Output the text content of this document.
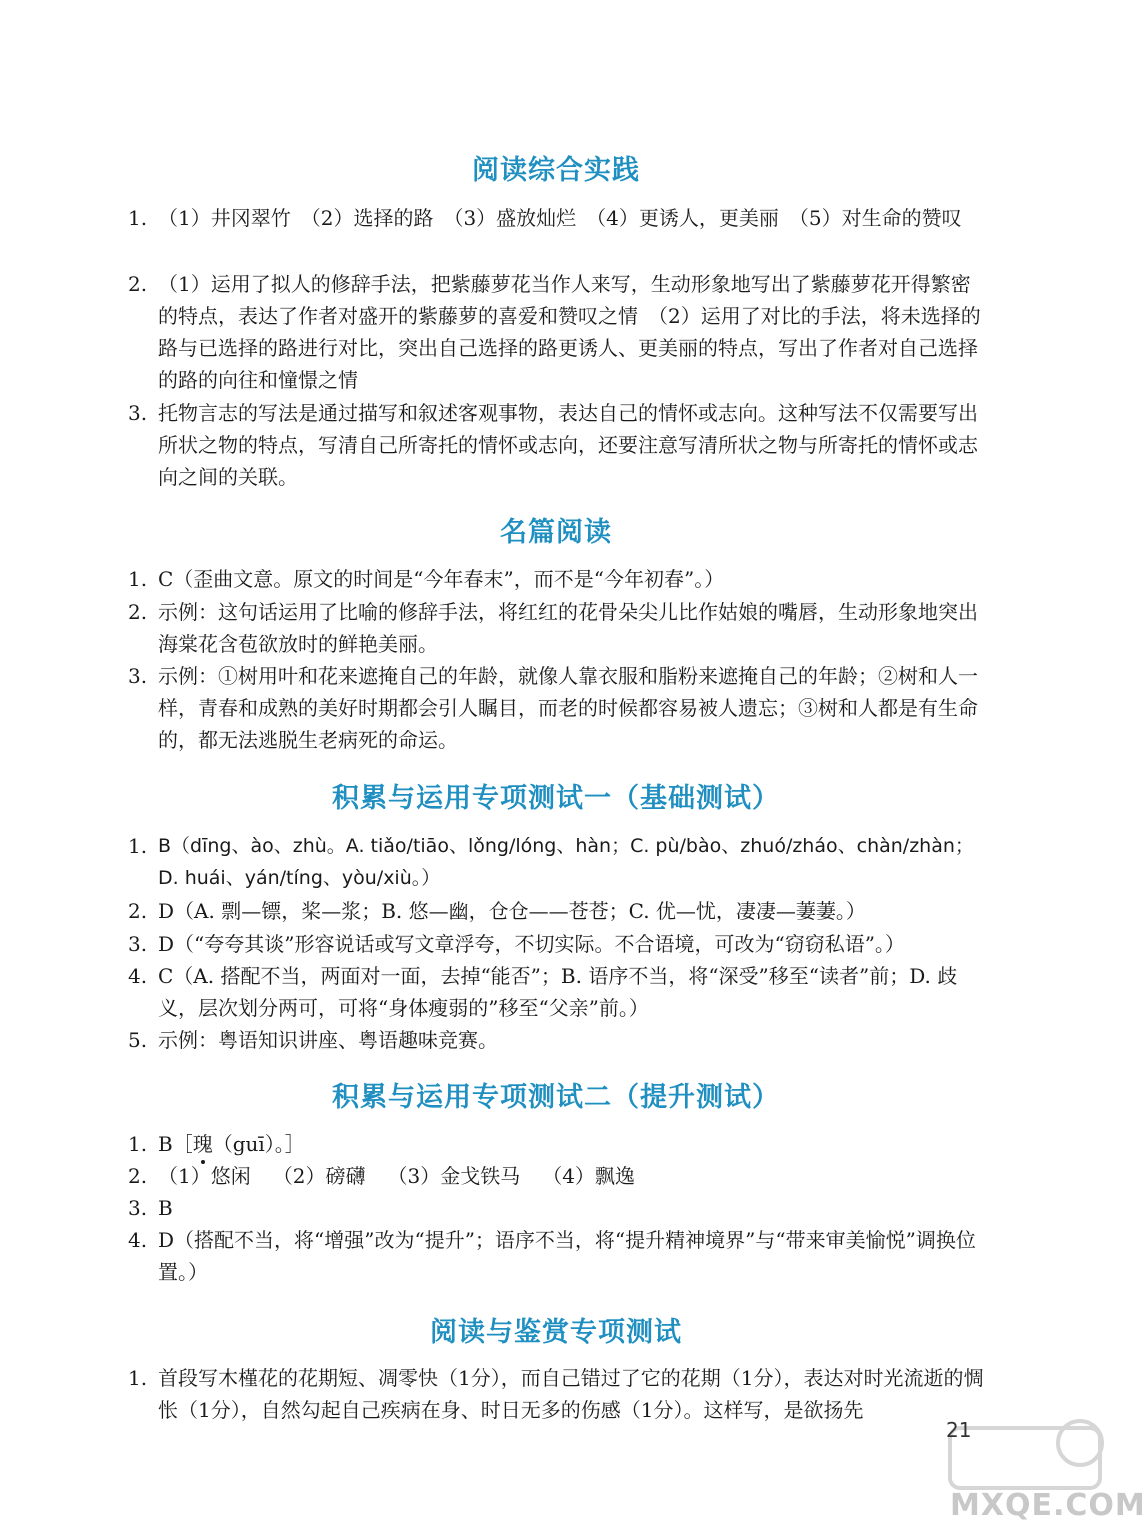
阅读综合实践
1. （1）井冈翠竹　（2）选择的路　（3）盛放灿烂　（4）更诱人，更美丽　（5）对生命的赞叹
2. （1）运用了拟人的修辞手法，把紫藤萝花当作人来写，生动形象地写出了紫藤萝花开得繁密的特点，表达了作者对盛开的紫藤萝的喜爱和赞叹之情　（2）运用了对比的手法，将未选择的路与已选择的路进行对比，突出自己选择的路更诱人、更美丽的特点，写出了作者对自己选择的路的向往和憧憬之情
3. 托物言志的写法是通过描写和叙述客观事物，表达自己的情怀或志向。这种写法不仅需要写出所状之物的特点，写清自己所寄托的情怀或志向，还要注意写清所状之物与所寄托的情怀或志向之间的关联。
名篇阅读
1. C（歪曲文意。原文的时间是“今年春末”，而不是“今年初春”。）
2. 示例：这句话运用了比喻的修辞手法，将红红的花骨朵尖儿比作姑娘的嘴唇，生动形象地突出海棠花含苞欲放时的鲜艳美丽。
3. 示例：①树用叶和花来遮掩自己的年龄，就像人靠衣服和脂粉来遮掩自己的年龄；②树和人一样，青春和成熟的美好时期都会引人瞩目，而老的时候都容易被人遗忘；③树和人都是有生命的，都无法逃脱生老病死的命运。
积累与运用专项测试一（基础测试）
1. B（dīng、ào、zhù。A. tiǎo/tiāo、lǒng/lóng、hàn；C. pù/bào、zhuó/zháo、chàn/zhàn；D. huái、yán/tíng、yòu/xiù。）
2. D（A. 剽—镖，桨—浆；B. 悠—幽，仓仓——苍苍；C. 优—忧，凄凄—萋萋。）
3. D（“夸夸其谈”形容说话或写文章浮夸，不切实际。不合语境，可改为“窃窃私语”。）
4. C（A. 搭配不当，两面对一面，去掉“能否”；B. 语序不当，将“深受”移至“读者”前；D. 歧义，层次划分两可，可将“身体瘦弱的”移至“父亲”前。）
5. 示例：粤语知识讲座、粤语趣味竞赛。
积累与运用专项测试二（提升测试）
1. B［瑰（guī）。］
2. （1）悠闲 （2）磅礴 （3）金戈铁马 （4）飘逸
3. B
4. D（搭配不当，将“增强”改为“提升”；语序不当，将“提升精神境界”与“带来审美愉悦”调换位置。）
阅读与鉴赏专项测试
1. 首段写木槿花的花期短、凋零快（1分），而自己错过了它的花期（1分），表达对时光流逝的惆怅（1分），自然勾起自己疾病在身、时日无多的伤感（1分）。这样写，是欲扬先
MXQE.COM
21
